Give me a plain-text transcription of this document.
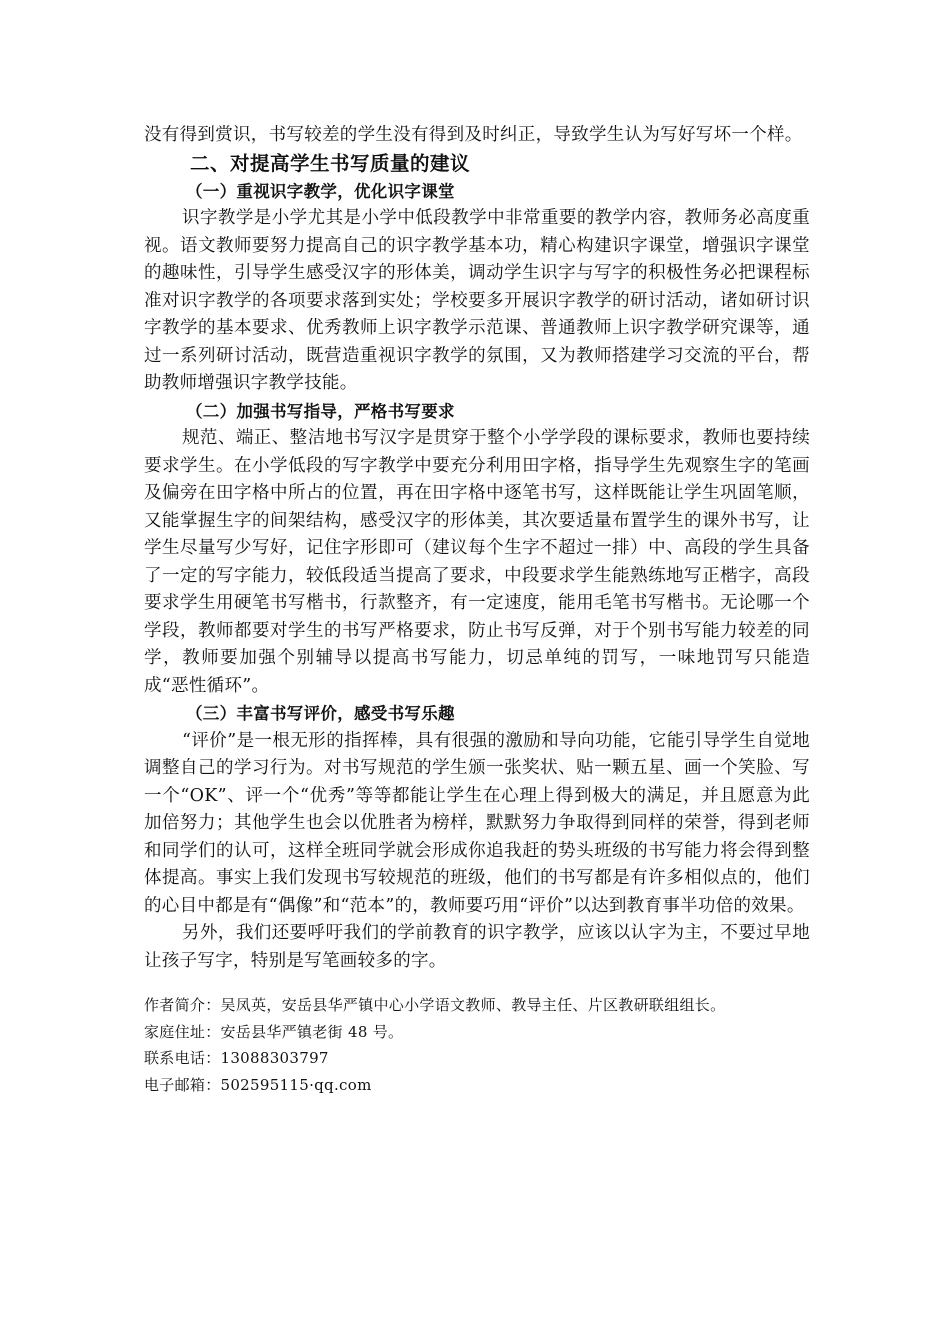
没有得到赏识，书写较差的学生没有得到及时纠正，导致学生认为写好写坏一个样。

二、对提高学生书写质量的建议
（一）重视识字教学，优化识字课堂

识字教学是小学尤其是小学中低段教学中非常重要的教学内容，教师务必高度重视。语文教师要努力提高自己的识字教学基本功，精心构建识字课堂，增强识字课堂的趣味性，引导学生感受汉字的形体美，调动学生识字与写字的积极性务必把课程标准对识字教学的各项要求落到实处；学校要多开展识字教学的研讨活动，诸如研讨识字教学的基本要求、优秀教师上识字教学示范课、普通教师上识字教学研究课等，通过一系列研讨活动，既营造重视识字教学的氛围，又为教师搭建学习交流的平台，帮助教师增强识字教学技能。

（二）加强书写指导，严格书写要求

规范、端正、整洁地书写汉字是贯穿于整个小学学段的课标要求，教师也要持续要求学生。在小学低段的写字教学中要充分利用田字格，指导学生先观察生字的笔画及偏旁在田字格中所占的位置，再在田字格中逐笔书写，这样既能让学生巩固笔顺，又能掌握生字的间架结构，感受汉字的形体美，其次要适量布置学生的课外书写，让学生尽量写少写好，记住字形即可（建议每个生字不超过一排）中、高段的学生具备了一定的写字能力，较低段适当提高了要求，中段要求学生能熟练地写正楷字，高段要求学生用硬笔书写楷书，行款整齐，有一定速度，能用毛笔书写楷书。无论哪一个学段，教师都要对学生的书写严格要求，防止书写反弹，对于个别书写能力较差的同学，教师要加强个别辅导以提高书写能力，切忌单纯的罚写，一味地罚写只能造成“恶性循环”。

（三）丰富书写评价，感受书写乐趣

“评价”是一根无形的指挥棒，具有很强的激励和导向功能，它能引导学生自觉地调整自己的学习行为。对书写规范的学生颁一张奖状、贴一颗五星、画一个笑脸、写一个“OK”、评一个“优秀”等等都能让学生在心理上得到极大的满足，并且愿意为此加倍努力；其他学生也会以优胜者为榜样，默默努力争取得到同样的荣誉，得到老师和同学们的认可，这样全班同学就会形成你追我赶的势头班级的书写能力将会得到整体提高。事实上我们发现书写较规范的班级，他们的书写都是有许多相似点的，他们的心目中都是有“偶像”和“范本”的，教师要巧用“评价”以达到教育事半功倍的效果。

另外，我们还要呼吁我们的学前教育的识字教学，应该以认字为主，不要过早地让孩子写字，特别是写笔画较多的字。

作者简介：吴凤英，安岳县华严镇中心小学语文教师、教导主任、片区教研联组组长。

家庭住址：安岳县华严镇老街 48 号。

联系电话：13088303797

电子邮箱：502595115·qq.com
